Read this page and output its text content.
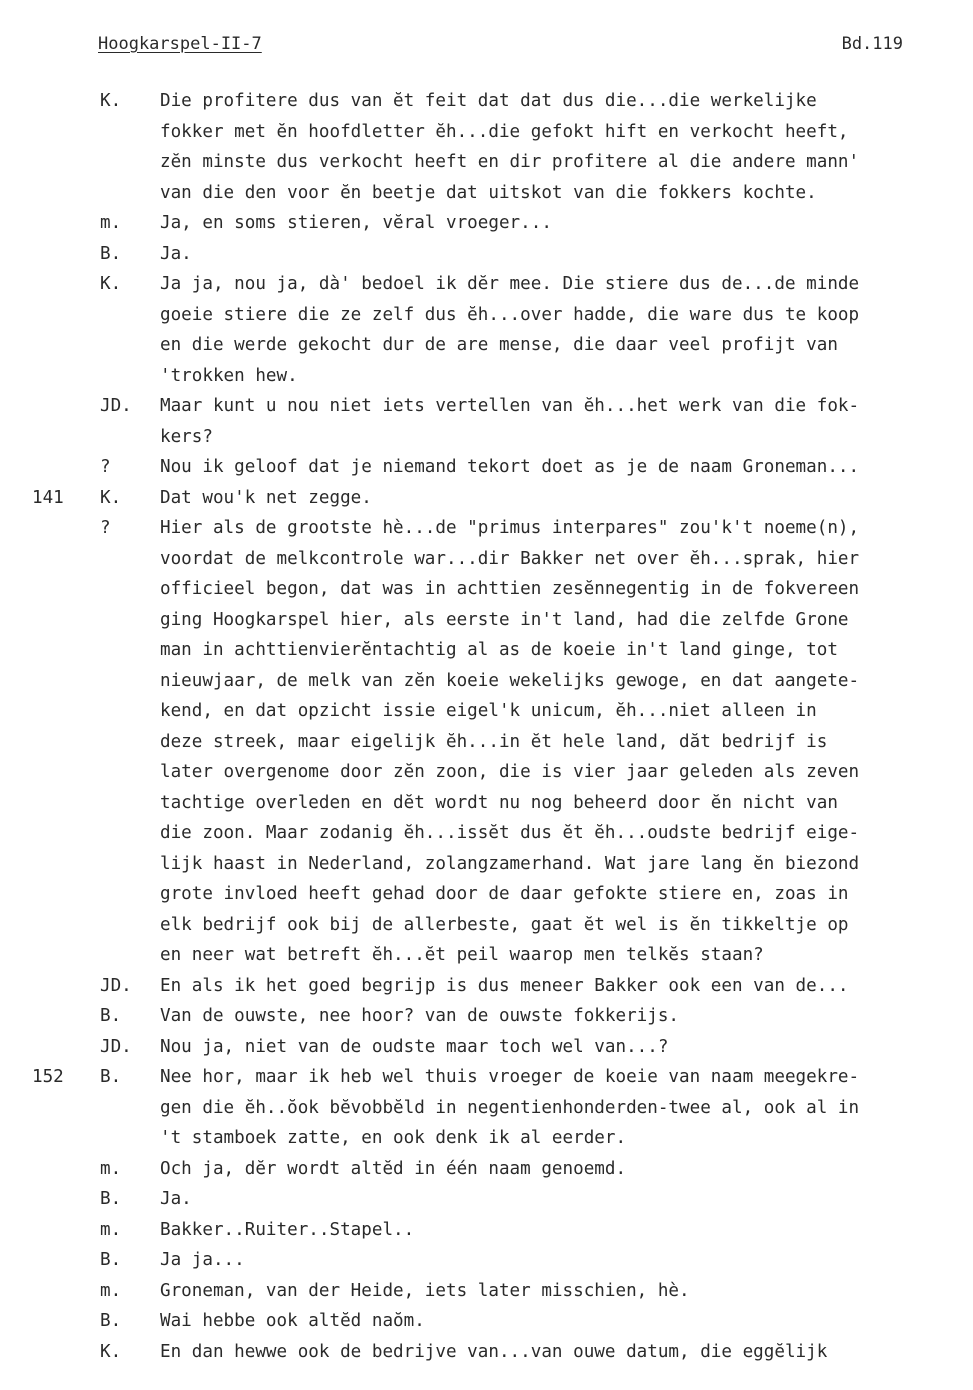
Hoogkarspel-II-7	Bd.119
K.	Die profitere dus van ĕt feit dat dat dus die...die werkelijke
fokker met ĕn hoofdletter ĕh...die gefokt hift en verkocht heeft,
zĕn minste dus verkocht heeft en dir profitere al die andere mann'
van die den voor ĕn beetje dat uitskot van die fokkers kochte.
m.	Ja, en soms stieren, vĕral vroeger...
B.	Ja.
K.	Ja ja, nou ja, dà' bedoel ik dĕr mee. Die stiere dus de...de minde
goeie stiere die ze zelf dus ĕh...over hadde, die ware dus te koop
en die werde gekocht dur de are mense, die daar veel profijt van
'trokken hew.
JD.	Maar kunt u nou niet iets vertellen van ĕh...het werk van die fok-
kers?
?	Nou ik geloof dat je niemand tekort doet as je de naam Groneman...
141	K.	Dat wou'k net zegge.
?	Hier als de grootste hè...de "primus interpares" zou'k't noeme(n),
voordat de melkcontrole war...dir Bakker net over ĕh...sprak, hier
officieel begon, dat was in achttien zesĕnnegentig in de fokvereen
ging Hoogkarspel hier, als eerste in't land, had die zelfde Grone
man in achttienvierĕntachtig al as de koeie in't land ginge, tot
nieuwjaar, de melk van zĕn koeie wekelijks gewoge, en dat aangete-
kend, en dat opzicht issie eigel'k unicum, ĕh...niet alleen in
deze streek, maar eigelijk ĕh...in ĕt hele land, dăt bedrijf is
later overgenome door zĕn zoon, die is vier jaar geleden als zeven
tachtige overleden en dĕt wordt nu nog beheerd door ĕn nicht van
die zoon. Maar zodanig ĕh...issĕt dus ĕt ĕh...oudste bedrijf eige-
lijk haast in Nederland, zolangzamerhand. Wat jare lang ĕn biezond
grote invloed heeft gehad door de daar gefokte stiere en, zoas in
elk bedrijf ook bij de allerbeste, gaat ĕt wel is ĕn tikkeltje op
en neer wat betreft ĕh...ĕt peil waarop men telkĕs staan?
JD.	En als ik het goed begrijp is dus meneer Bakker ook een van de...
B.	Van de ouwste, nee hoor? van de ouwste fokkerijs.
JD.	Nou ja, niet van de oudste maar toch wel van...?
152	B.	Nee hor, maar ik heb wel thuis vroeger de koeie van naam meegekre-
gen die ĕh..ŏok bĕvobbĕld in negentienhonderden-twee al, ook al in
't stamboek zatte, en ook denk ik al eerder.
m.	Och ja, dĕr wordt altĕd in één naam genoemd.
B.	Ja.
m.	Bakker..Ruiter..Stapel..
B.	Ja ja...
m.	Groneman, van der Heide, iets later misschien, hè.
B.	Wai hebbe ook altĕd naŏm.
K.	En dan hewwe ook de bedrijve van...van ouwe datum, die eggĕlijk
